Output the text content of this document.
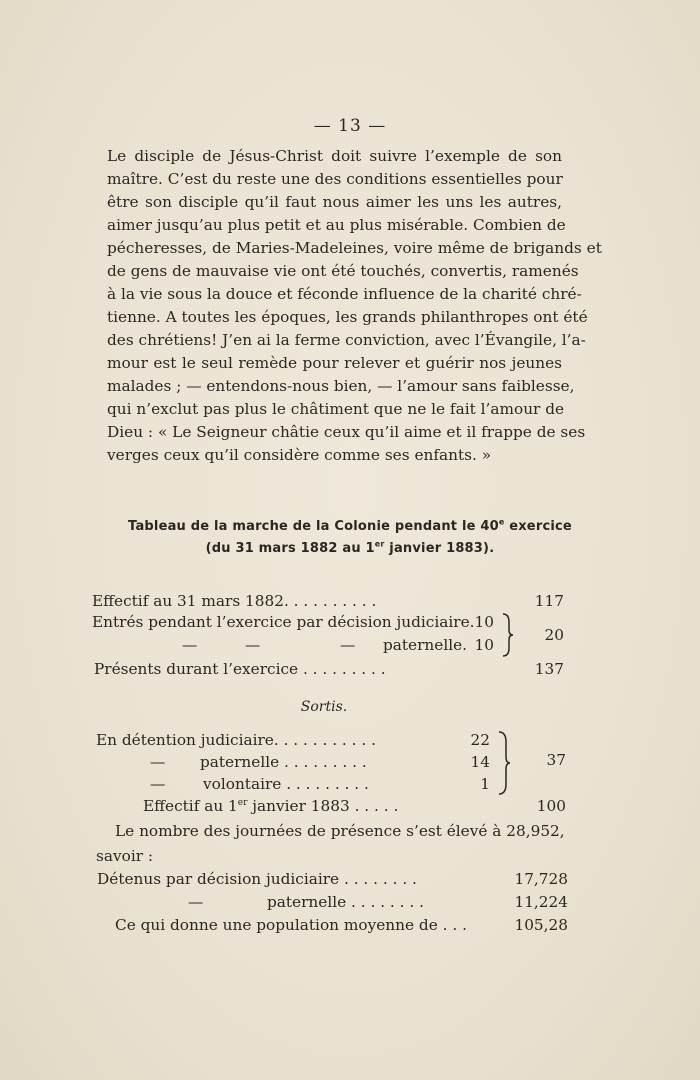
— 13 —

Le disciple de Jésus-Christ doit suivre l’exemple de son
maître. C’est du reste une des conditions essentielles pour
être son disciple qu’il faut nous aimer les uns les autres,
aimer jusqu’au plus petit et au plus misérable. Combien de
pécheresses, de Maries-Madeleines, voire même de brigands et
de gens de mauvaise vie ont été touchés, convertis, ramenés
à la vie sous la douce et féconde influence de la charité chré-
tienne. A toutes les époques, les grands philanthropes ont été
des chrétiens! J’en ai la ferme conviction, avec l’Évangile, l’a-
mour est le seul remède pour relever et guérir nos jeunes
malades ; — entendons-nous bien, — l’amour sans faiblesse,
qui n’exclut pas plus le châtiment que ne le fait l’amour de
Dieu : « Le Seigneur châtie ceux qu’il aime et il frappe de ses
verges ceux qu’il considère comme ses enfants. »

Tableau de la marche de la Colonie pendant le 40e exercice
(du 31 mars 1882 au 1er janvier 1883).
Effectif au 31 mars 1882. . . . . . . . . .	117
Entrés pendant l’exercice par décision judiciaire. 10
—	—	— paternelle. 10
20
Présents durant l’exercice . . . . . . . . .	137
Sortis.
En détention judiciaire. . . . . . . . . . .	22
— paternelle . . . . . . . . .	14
— volontaire . . . . . . . . .	1
37
Effectif au 1er janvier 1883 . . . . .	100
Le nombre des journées de présence s’est élevé à 28,952,
savoir :
Détenus par décision judiciaire . . . . . . . .	17,728
—	paternelle . . . . . . . .	11,224
Ce qui donne une population moyenne de . . .	105,28
